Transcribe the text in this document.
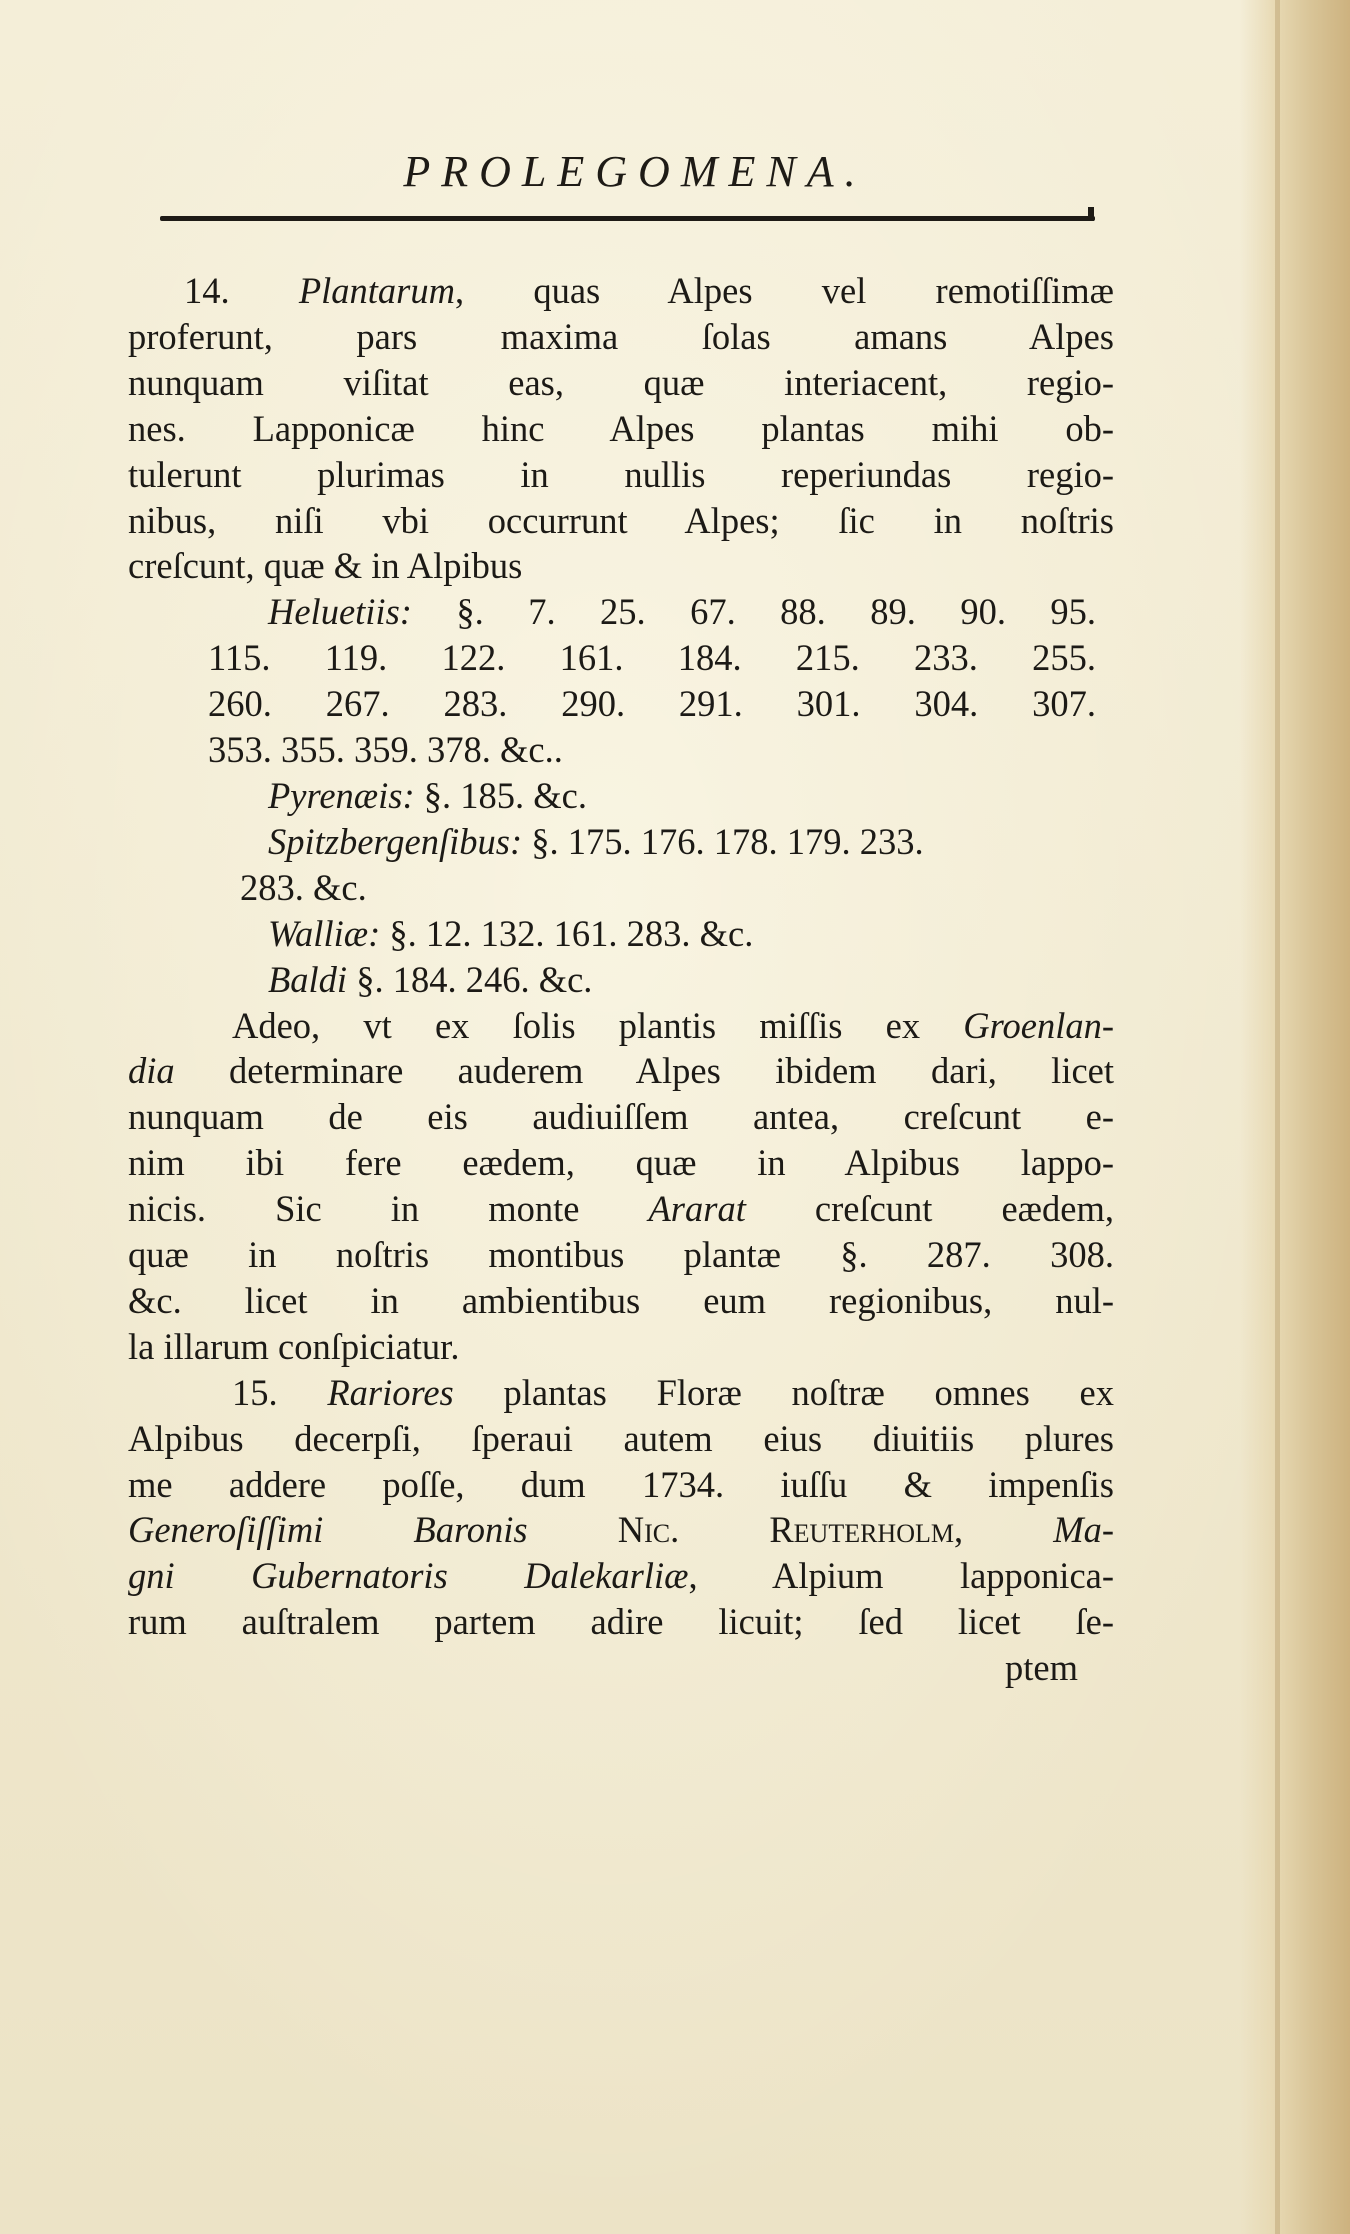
PROLEGOMENA.
14. Plantarum, quas Alpes vel remotiſſimæ
proferunt, pars maxima ſolas amans Alpes
nunquam viſitat eas, quæ interiacent, regio-
nes. Lapponicæ hinc Alpes plantas mihi ob-
tulerunt plurimas in nullis reperiundas regio-
nibus, niſi vbi occurrunt Alpes; ſic in noſtris
creſcunt, quæ & in Alpibus
Heluetiis: §. 7. 25. 67. 88. 89. 90. 95.
115. 119. 122. 161. 184. 215. 233. 255.
260. 267. 283. 290. 291. 301. 304. 307.
353. 355. 359. 378. &c..
Pyrenæis: §. 185. &c.
Spitzbergenſibus: §. 175. 176. 178. 179. 233.
283. &c.
Walliæ: §. 12. 132. 161. 283. &c.
Baldi §. 184. 246. &c.
Adeo, vt ex ſolis plantis miſſis ex Groenlan-
dia determinare auderem Alpes ibidem dari, licet
nunquam de eis audiuiſſem antea, creſcunt e-
nim ibi fere eædem, quæ in Alpibus lappo-
nicis. Sic in monte Ararat creſcunt eædem,
quæ in noſtris montibus plantæ §. 287. 308.
&c. licet in ambientibus eum regionibus, nul-
la illarum conſpiciatur.
15. Rariores plantas Floræ noſtræ omnes ex
Alpibus decerpſi, ſperaui autem eius diuitiis plures
me addere poſſe, dum 1734. iuſſu & impenſis
Generoſiſſimi Baronis Nic. Reuterholm, Ma-
gni Gubernatoris Dalekarliæ, Alpium lapponica-
rum auſtralem partem adire licuit; ſed licet ſe-
ptem
